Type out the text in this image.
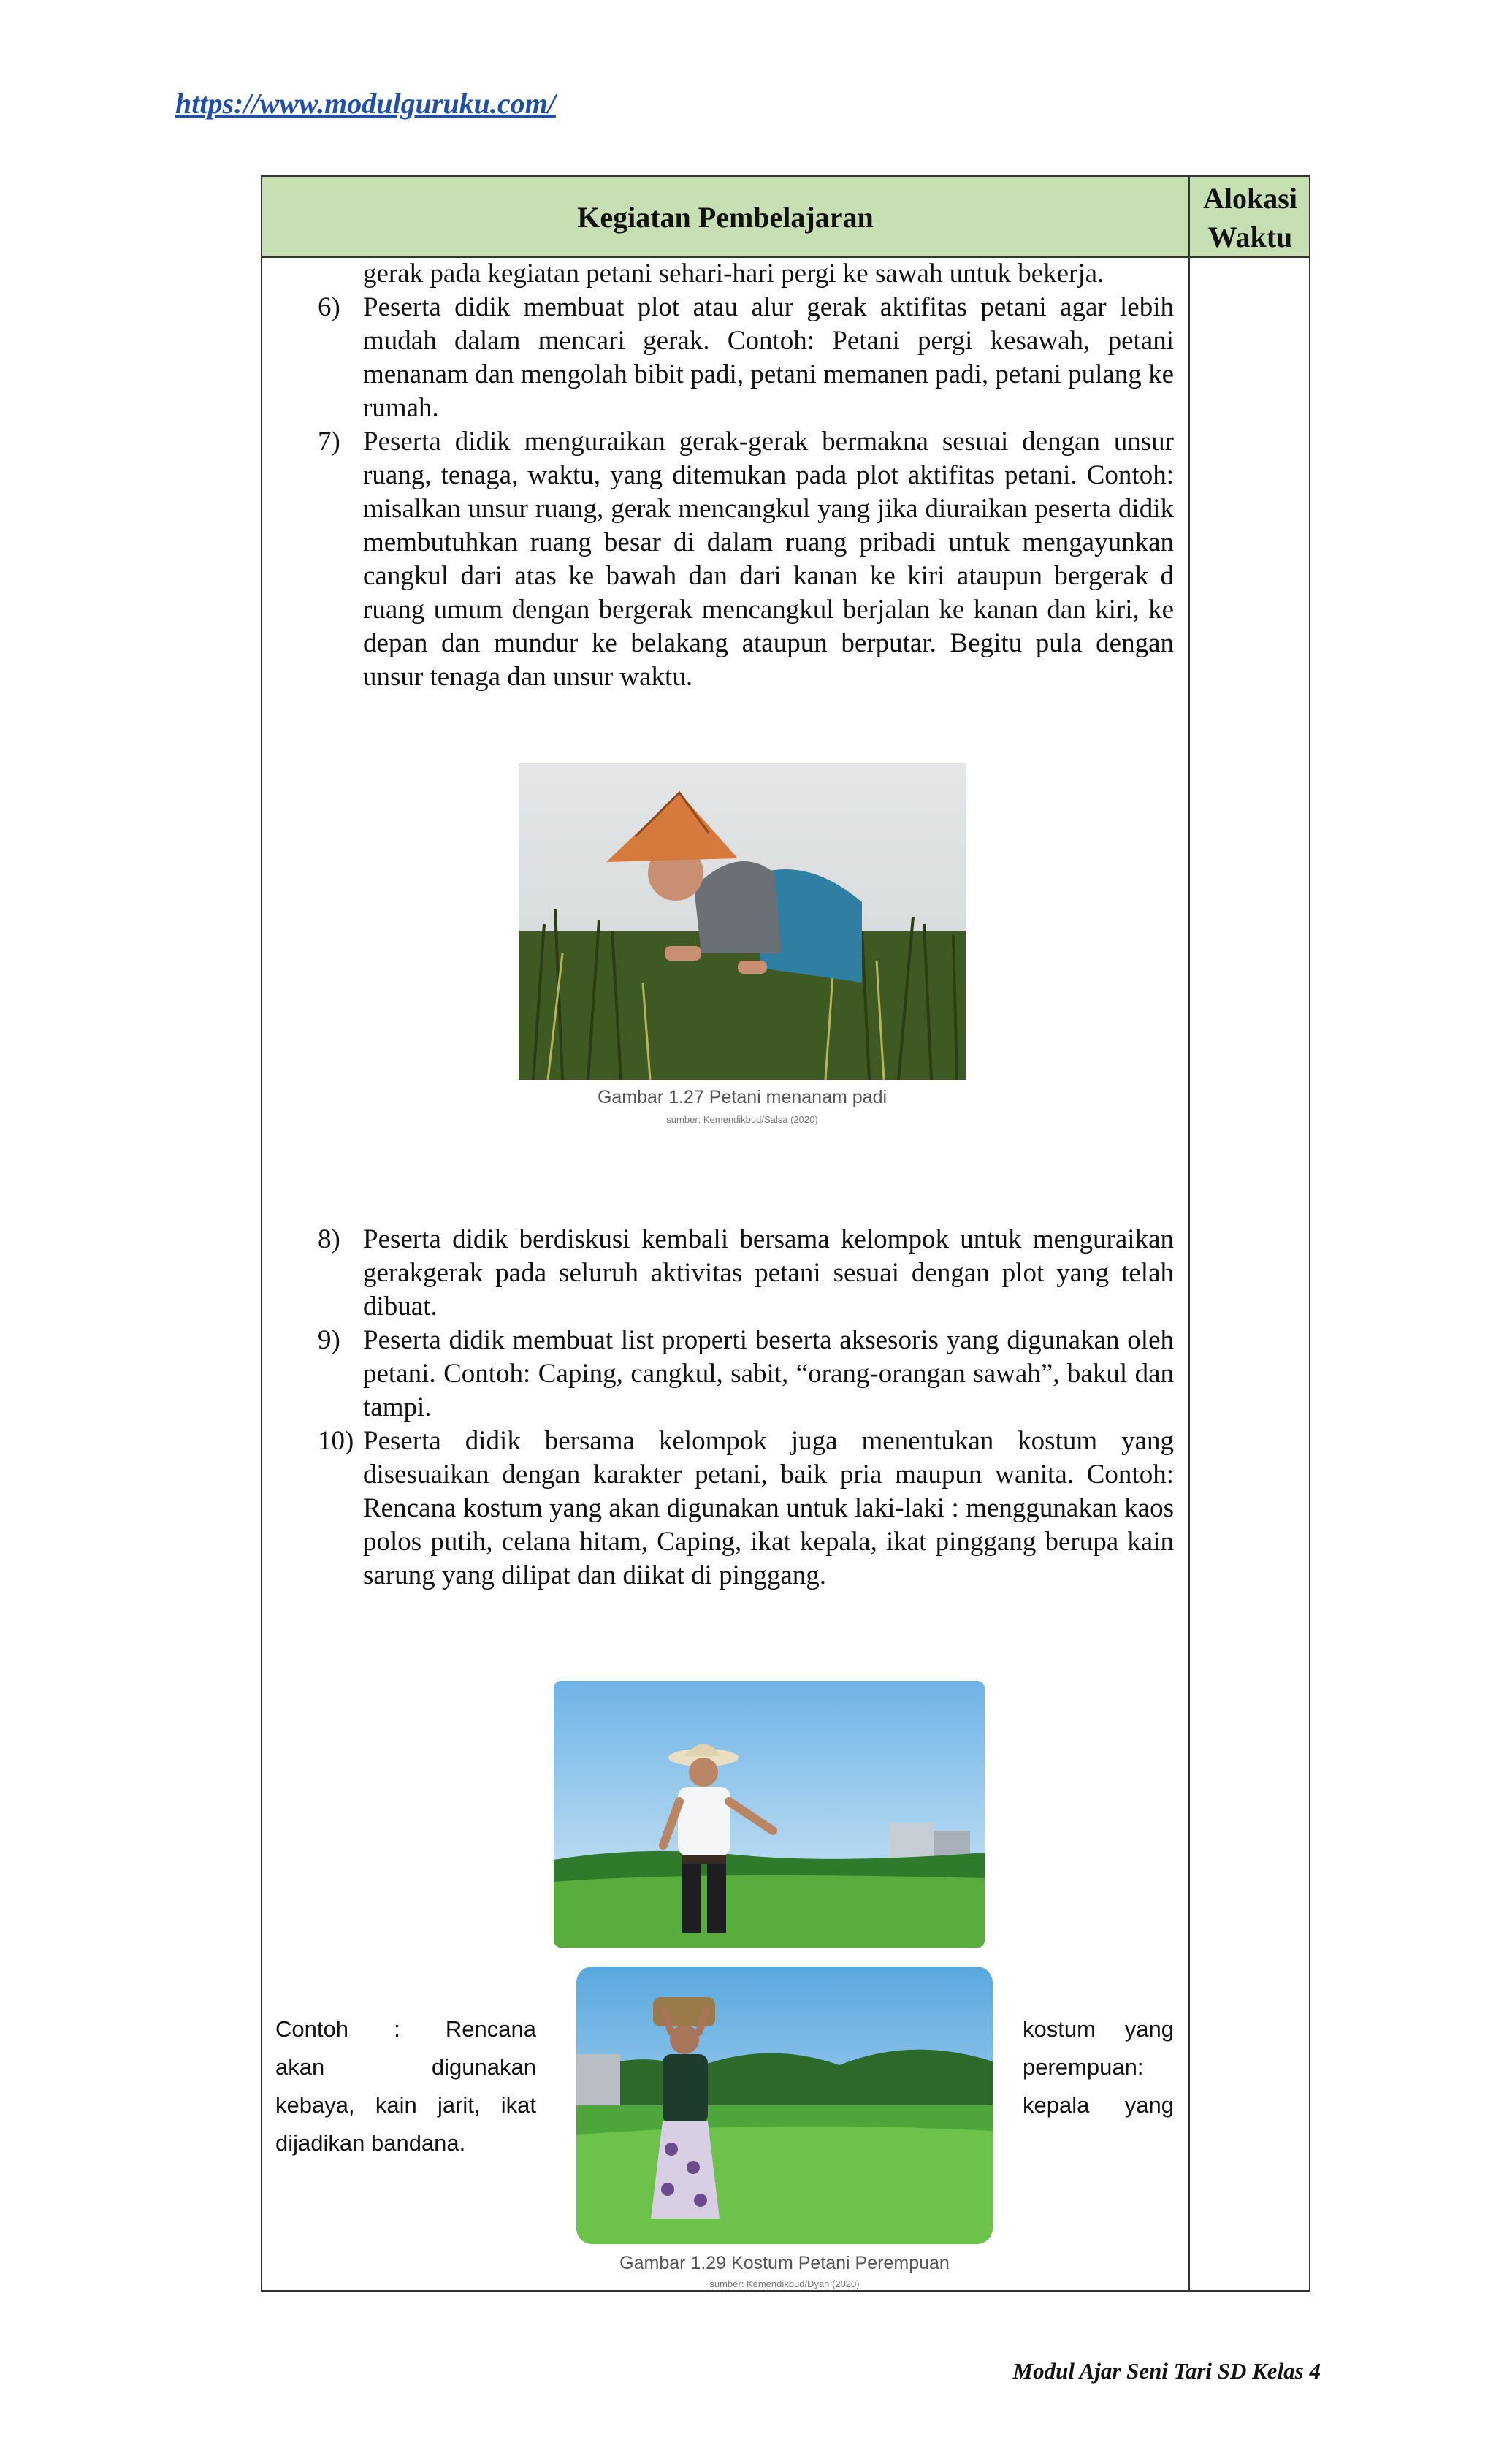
https://www.modulguruku.com/
Kegiatan Pembelajaran
Alokasi
Waktu
gerak pada kegiatan petani sehari-hari pergi ke sawah untuk bekerja.
6) Peserta didik membuat plot atau alur gerak aktifitas petani agar lebih mudah dalam mencari gerak. Contoh: Petani pergi kesawah, petani menanam dan mengolah bibit padi, petani memanen padi, petani pulang ke rumah.
7) Peserta didik menguraikan gerak-gerak bermakna sesuai dengan unsur ruang, tenaga, waktu, yang ditemukan pada plot aktifitas petani. Contoh: misalkan unsur ruang, gerak mencangkul yang jika diuraikan peserta didik membutuhkan ruang besar di dalam ruang pribadi untuk mengayunkan cangkul dari atas ke bawah dan dari kanan ke kiri ataupun bergerak d ruang umum dengan bergerak mencangkul berjalan ke kanan dan kiri, ke depan dan mundur ke belakang ataupun berputar. Begitu pula dengan unsur tenaga dan unsur waktu.
Gambar 1.27 Petani menanam padi
sumber: Kemendikbud/Salsa (2020)
8) Peserta didik berdiskusi kembali bersama kelompok untuk menguraikan gerakgerak pada seluruh aktivitas petani sesuai dengan plot yang telah dibuat.
9) Peserta didik membuat list properti beserta aksesoris yang digunakan oleh petani. Contoh: Caping, cangkul, sabit, “orang-orangan sawah”, bakul dan tampi.
10) Peserta didik bersama kelompok juga menentukan kostum yang disesuaikan dengan karakter petani, baik pria maupun wanita. Contoh: Rencana kostum yang akan digunakan untuk laki-laki : menggunakan kaos polos putih, celana hitam, Caping, ikat kepala, ikat pinggang berupa kain sarung yang dilipat dan diikat di pinggang.
Gambar 1.29 Kostum Petani Perempuan
sumber: Kemendikbud/Dyan (2020)
Contoh : Rencana
akan digunakan
kebaya, kain jarit, ikat
dijadikan bandana.
kostum yang
perempuan:
kepala yang
Modul Ajar Seni Tari SD Kelas 4
